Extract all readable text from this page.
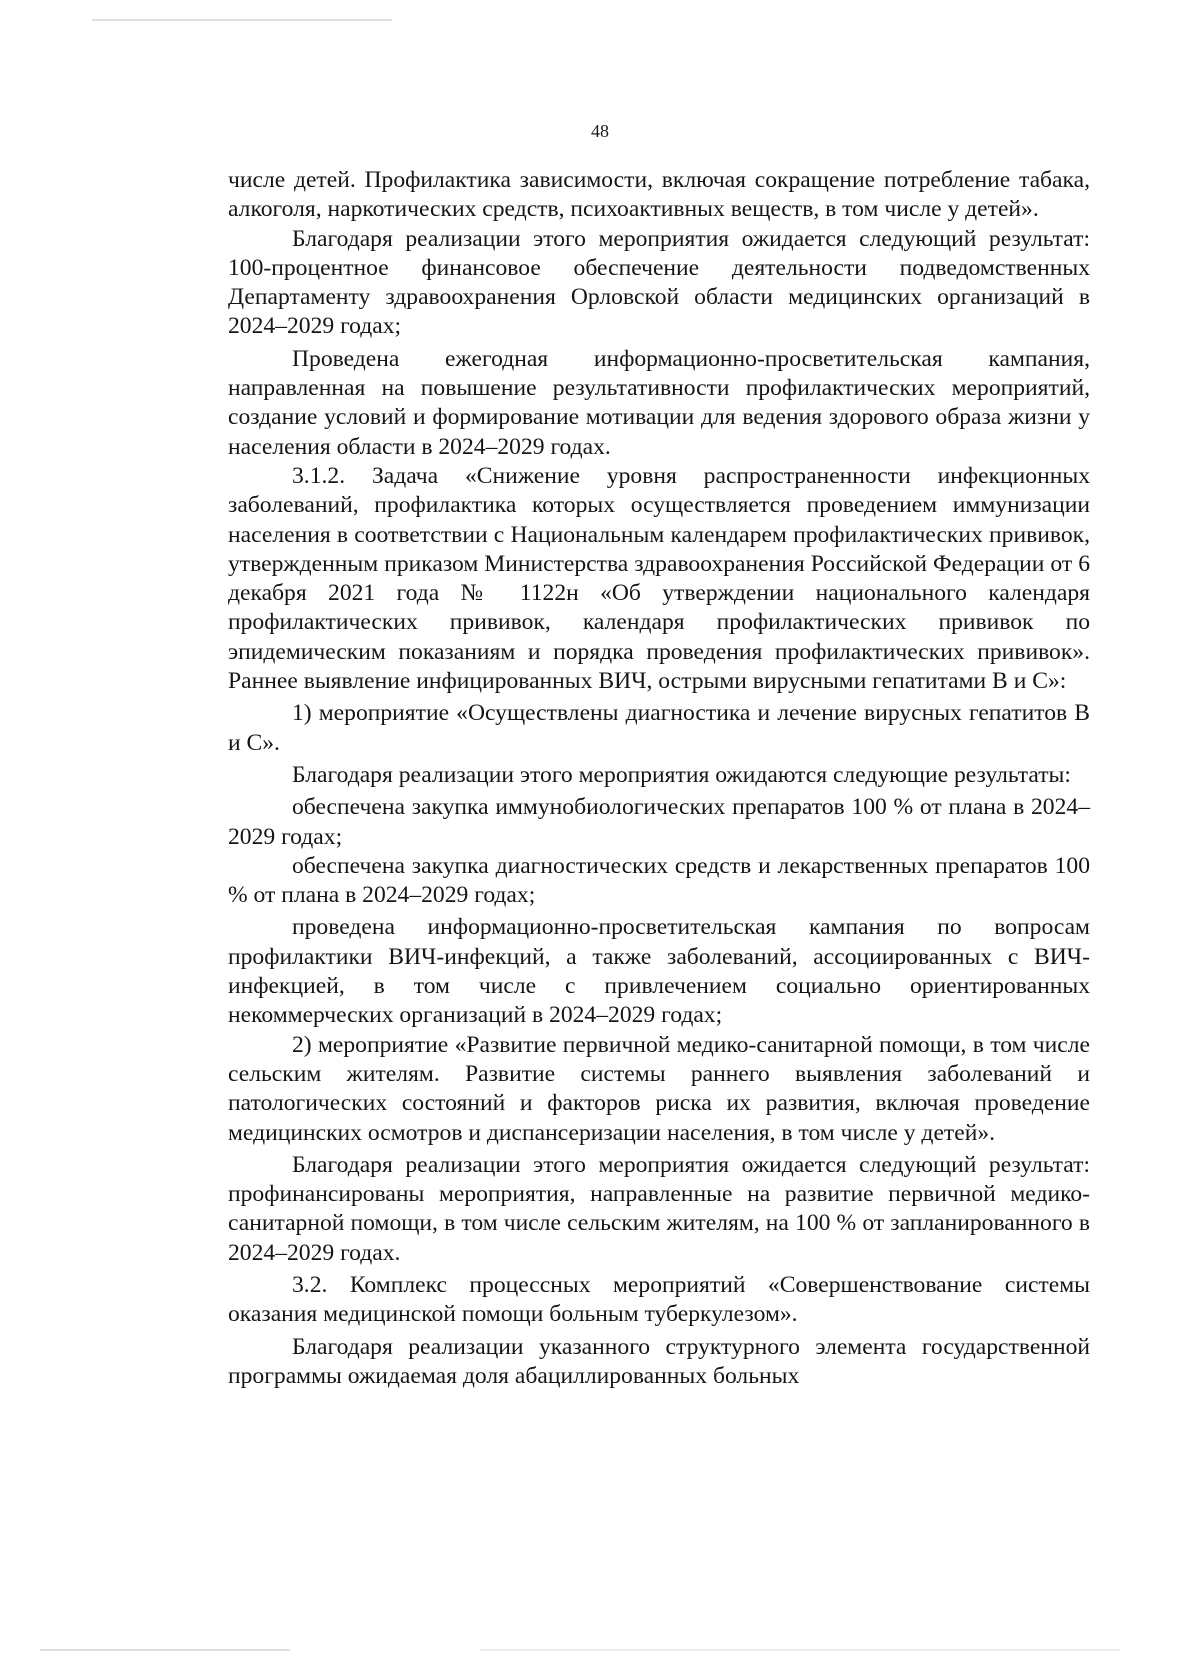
48

числе детей. Профилактика зависимости, включая сокращение потребление табака, алкоголя, наркотических средств, психоактивных веществ, в том числе у детей».

Благодаря реализации этого мероприятия ожидается следующий результат: 100-процентное финансовое обеспечение деятельности подведомственных Департаменту здравоохранения Орловской области медицинских организаций в 2024–2029 годах;

Проведена ежегодная информационно-просветительская кампания, направленная на повышение результативности профилактических мероприятий, создание условий и формирование мотивации для ведения здорового образа жизни у населения области в 2024–2029 годах.

3.1.2. Задача «Снижение уровня распространенности инфекционных заболеваний, профилактика которых осуществляется проведением иммунизации населения в соответствии с Национальным календарем профилактических прививок, утвержденным приказом Министерства здравоохранения Российской Федерации от 6 декабря 2021 года № 1122н «Об утверждении национального календаря профилактических прививок, календаря профилактических прививок по эпидемическим показаниям и порядка проведения профилактических прививок». Раннее выявление инфицированных ВИЧ, острыми вирусными гепатитами В и С»:

1) мероприятие «Осуществлены диагностика и лечение вирусных гепатитов В и С».

Благодаря реализации этого мероприятия ожидаются следующие результаты:

обеспечена закупка иммунобиологических препаратов 100 % от плана в 2024–2029 годах;

обеспечена закупка диагностических средств и лекарственных препаратов 100 % от плана в 2024–2029 годах;

проведена информационно-просветительская кампания по вопросам профилактики ВИЧ-инфекций, а также заболеваний, ассоциированных с ВИЧ-инфекцией, в том числе с привлечением социально ориентированных некоммерческих организаций в 2024–2029 годах;

2) мероприятие «Развитие первичной медико-санитарной помощи, в том числе сельским жителям. Развитие системы раннего выявления заболеваний и патологических состояний и факторов риска их развития, включая проведение медицинских осмотров и диспансеризации населения, в том числе у детей».

Благодаря реализации этого мероприятия ожидается следующий результат: профинансированы мероприятия, направленные на развитие первичной медико-санитарной помощи, в том числе сельским жителям, на 100 % от запланированного в 2024–2029 годах.

3.2. Комплекс процессных мероприятий «Совершенствование системы оказания медицинской помощи больным туберкулезом».

Благодаря реализации указанного структурного элемента государственной программы ожидаемая доля абациллированных больных
